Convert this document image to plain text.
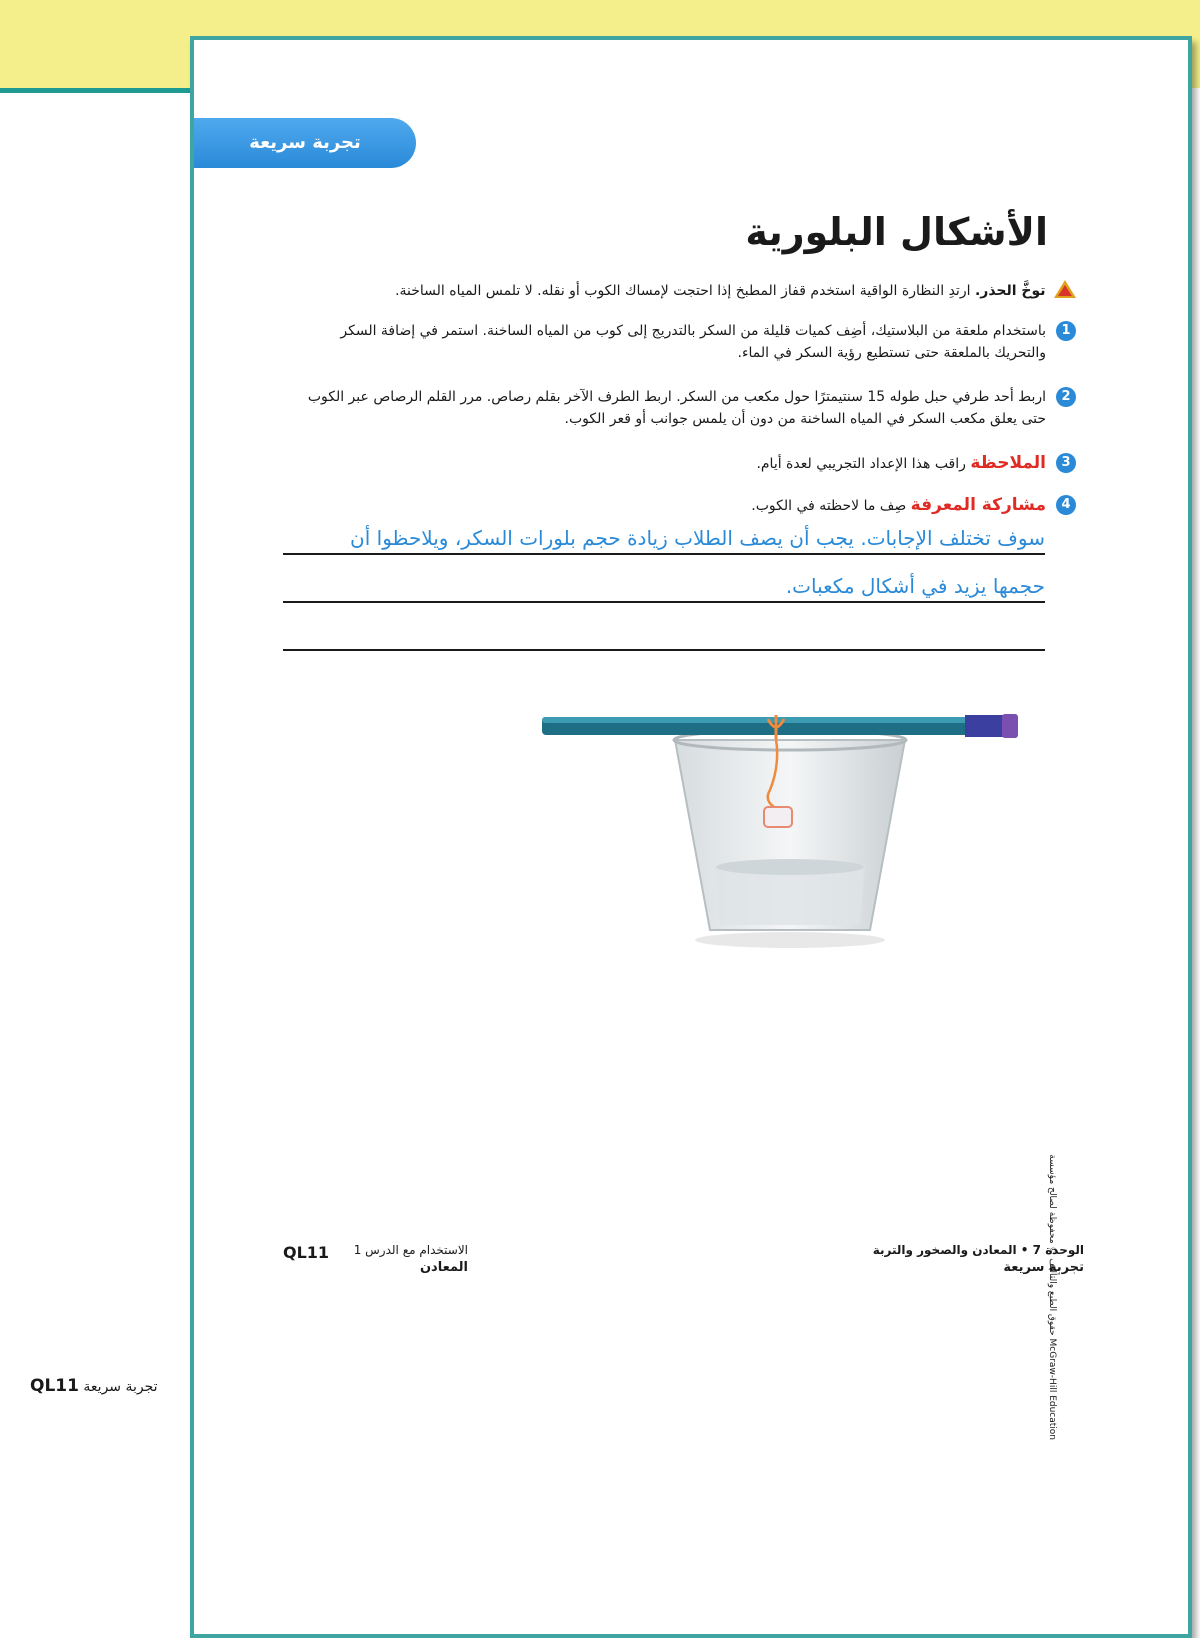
تجربة سريعة
الأشكال البلورية
توخَّ الحذر. ارتدِ النظارة الواقية استخدم قفاز المطبخ إذا احتجت لإمساك الكوب أو نقله. لا تلمس المياه الساخنة.
1
باستخدام ملعقة من البلاستيك، أضِف كميات قليلة من السكر بالتدريج إلى كوب من المياه الساخنة. استمر في إضافة السكر والتحريك بالملعقة حتى تستطيع رؤية السكر في الماء.
2
اربط أحد طرفي حبل طوله 15 سنتيمترًا حول مكعب من السكر. اربط الطرف الآخر بقلم رصاص. مرر القلم الرصاص عبر الكوب حتى يعلق مكعب السكر في المياه الساخنة من دون أن يلمس جوانب أو قعر الكوب.
3
الملاحظة راقب هذا الإعداد التجريبي لعدة أيام.
4
مشاركة المعرفة صِف ما لاحظته في الكوب.
سوف تختلف الإجابات. يجب أن يصف الطلاب زيادة حجم بلورات السكر، ويلاحظوا أن
حجمها يزيد في أشكال مكعبات.
الوحدة 7 • المعادن والصخور والتربة
تجربة سريعة
الاستخدام مع الدرس 1
المعادن
QL11	McGraw-Hill Education حقوق الطبع والتأليف © محفوظة لصالح مؤسسة
تجربة سريعة QL11
